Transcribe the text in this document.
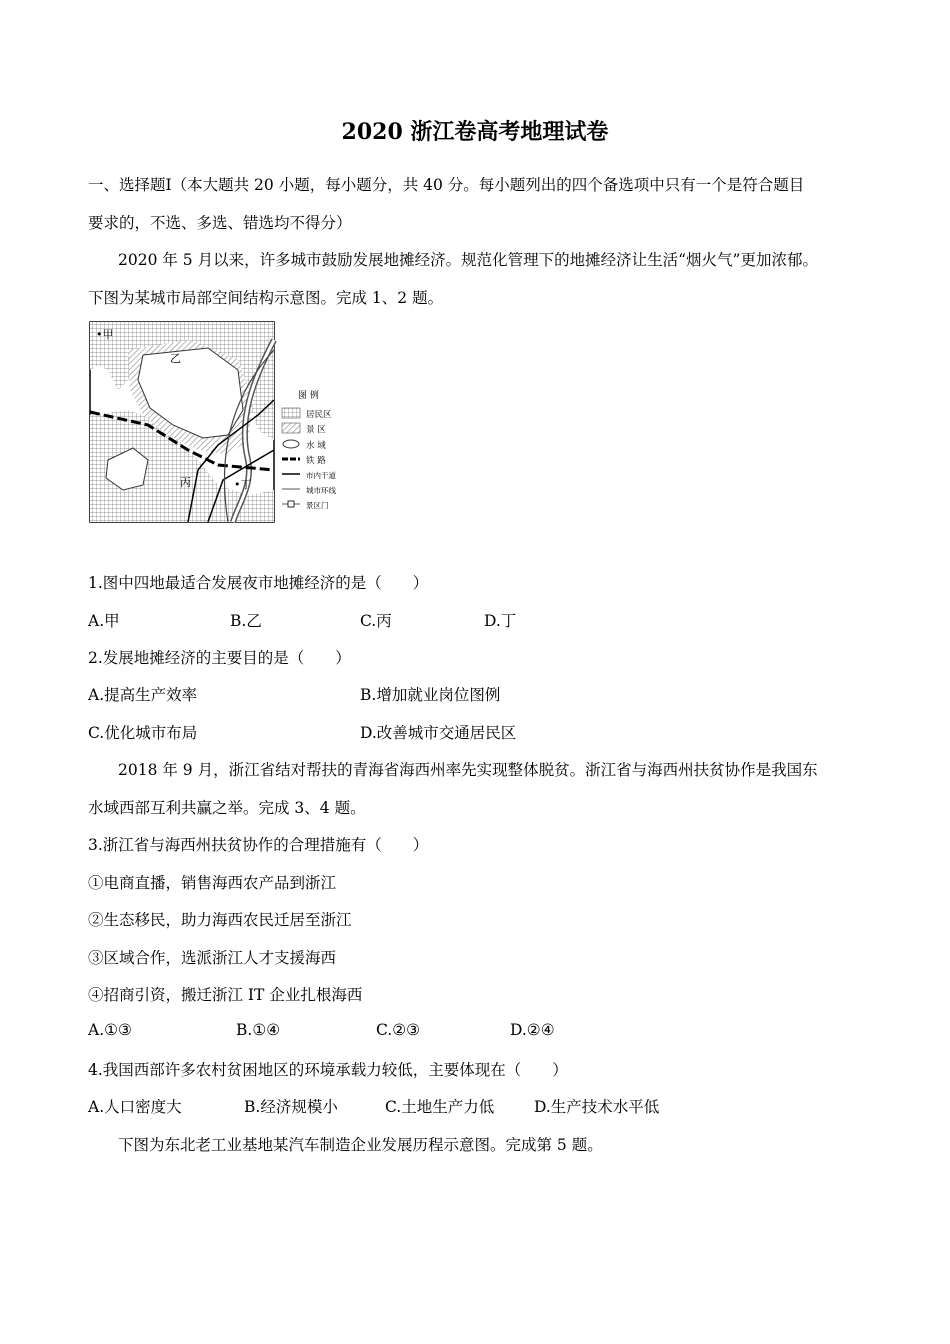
2020 浙江卷高考地理试卷
一、选择题Ⅰ（本大题共 20 小题，每小题分，共 40 分。每小题列出的四个备选项中只有一个是符合题目
要求的，不选、多选、错选均不得分）
2020 年 5 月以来，许多城市鼓励发展地摊经济。规范化管理下的地摊经济让生活“烟火气”更加浓郁。
下图为某城市局部空间结构示意图。完成 1、2 题。
•甲
乙
丙	•丁
图 例
居民区
景 区
水 域
铁 路
市内干道
城市环线
景区门
1.图中四地最适合发展夜市地摊经济的是（　　）
A.甲	B.乙	C.丙	D.丁
2.发展地摊经济的主要目的是（　　）
A.提高生产效率	B.增加就业岗位图例
C.优化城市布局	D.改善城市交通居民区
2018 年 9 月，浙江省结对帮扶的青海省海西州率先实现整体脱贫。浙江省与海西州扶贫协作是我国东
水域西部互利共赢之举。完成 3、4 题。
3.浙江省与海西州扶贫协作的合理措施有（　　）
①电商直播，销售海西农产品到浙江
②生态移民，助力海西农民迁居至浙江
③区域合作，选派浙江人才支援海西
④招商引资，搬迁浙江 IT 企业扎根海西
A.①③	B.①④	C.②③	D.②④
4.我国西部许多农村贫困地区的环境承载力较低，主要体现在（　　）
A.人口密度大	B.经济规模小	C.土地生产力低	D.生产技术水平低
下图为东北老工业基地某汽车制造企业发展历程示意图。完成第 5 题。
